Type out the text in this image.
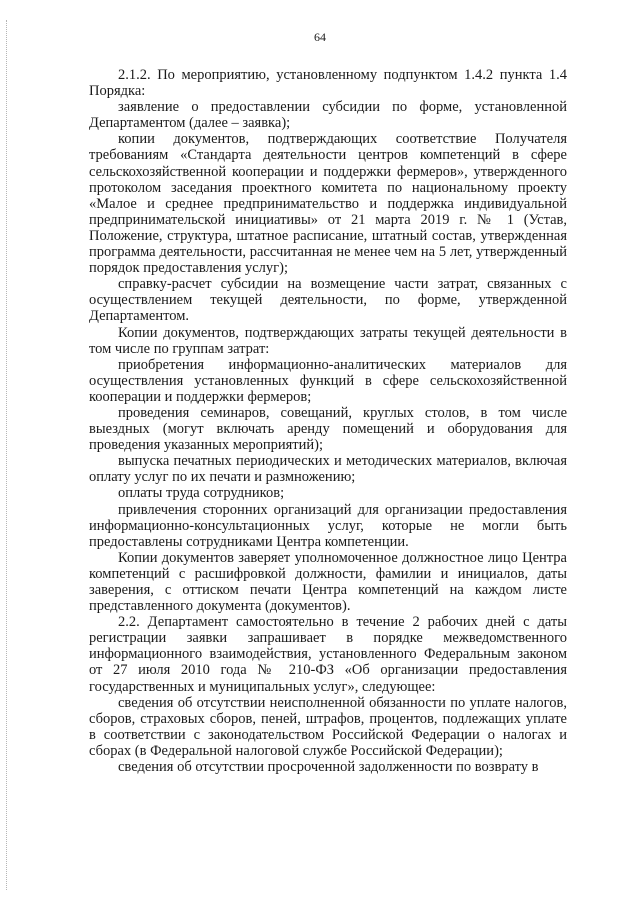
64

2.1.2. По мероприятию, установленному подпунктом 1.4.2 пункта 1.4 Порядка:

заявление о предоставлении субсидии по форме, установленной Департаментом (далее – заявка);

копии документов, подтверждающих соответствие Получателя требованиям «Стандарта деятельности центров компетенций в сфере сельскохозяйственной кооперации и поддержки фермеров», утвержденного протоколом заседания проектного комитета по национальному проекту «Малое и среднее предпринимательство и поддержка индивидуальной предпринимательской инициативы» от 21 марта 2019 г. № 1 (Устав, Положение, структура, штатное расписание, штатный состав, утвержденная программа деятельности, рассчитанная не менее чем на 5 лет, утвержденный порядок предоставления услуг);

справку-расчет субсидии на возмещение части затрат, связанных с осуществлением текущей деятельности, по форме, утвержденной Департаментом.

Копии документов, подтверждающих затраты текущей деятельности в том числе по группам затрат:

приобретения информационно-аналитических материалов для осуществления установленных функций в сфере сельскохозяйственной кооперации и поддержки фермеров;

проведения семинаров, совещаний, круглых столов, в том числе выездных (могут включать аренду помещений и оборудования для проведения указанных мероприятий);

выпуска печатных периодических и методических материалов, включая оплату услуг по их печати и размножению;

оплаты труда сотрудников;

привлечения сторонних организаций для организации предоставления информационно-консультационных услуг, которые не могли быть предоставлены сотрудниками Центра компетенции.

Копии документов заверяет уполномоченное должностное лицо Центра компетенций с расшифровкой должности, фамилии и инициалов, даты заверения, с оттиском печати Центра компетенций на каждом листе представленного документа (документов).

2.2. Департамент самостоятельно в течение 2 рабочих дней с даты регистрации заявки запрашивает в порядке межведомственного информационного взаимодействия, установленного Федеральным законом от 27 июля 2010 года № 210-ФЗ «Об организации предоставления государственных и муниципальных услуг», следующее:

сведения об отсутствии неисполненной обязанности по уплате налогов, сборов, страховых сборов, пеней, штрафов, процентов, подлежащих уплате в соответствии с законодательством Российской Федерации о налогах и сборах (в Федеральной налоговой службе Российской Федерации);

сведения об отсутствии просроченной задолженности по возврату в
